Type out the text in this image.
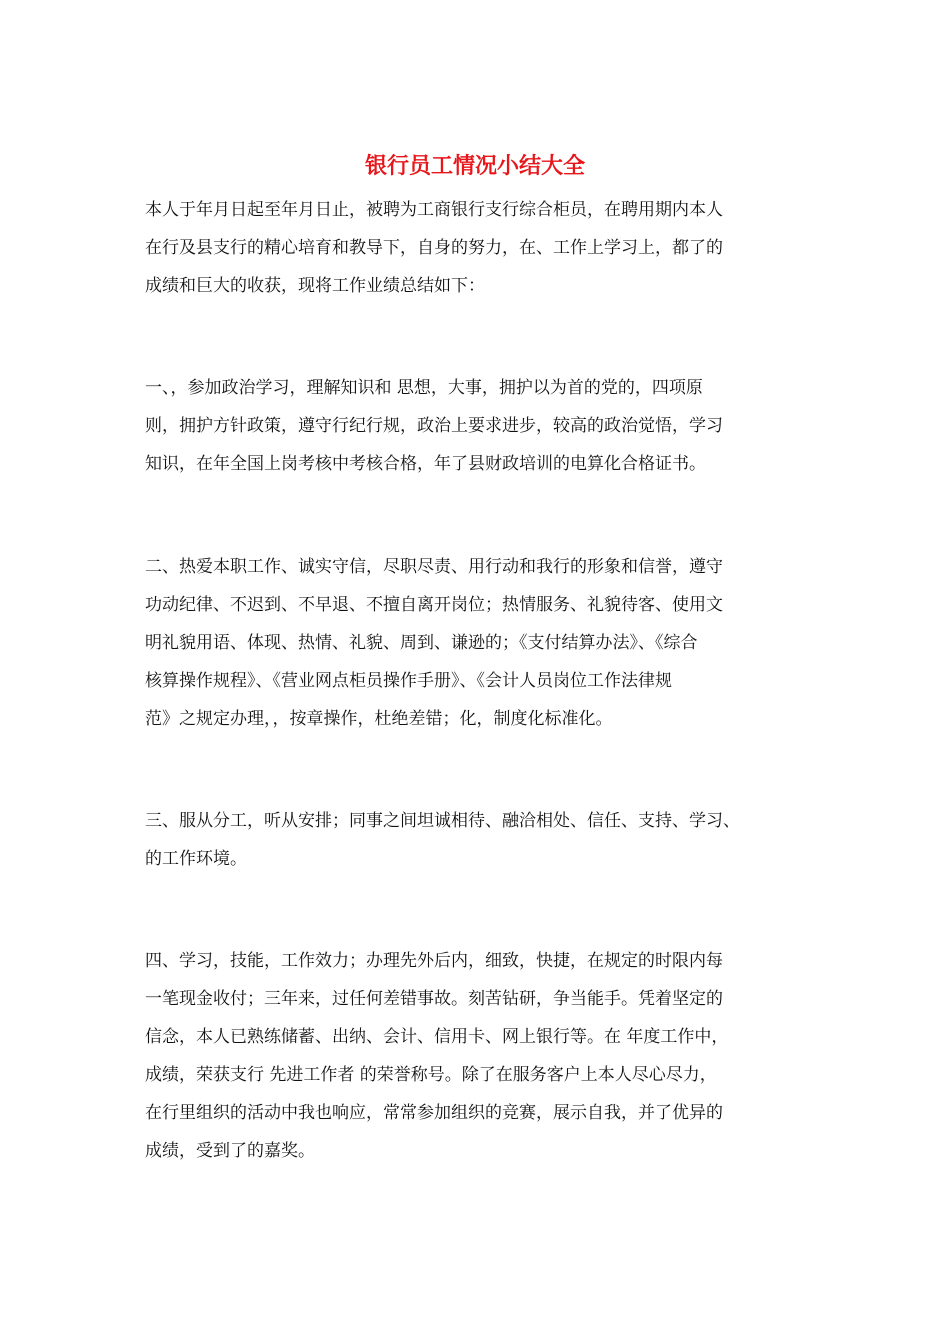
银行员工情况小结大全

本人于年月日起至年月日止，被聘为工商银行支行综合柜员，在聘用期内本人

在行及县支行的精心培育和教导下，自身的努力，在、工作上学习上，都了的

成绩和巨大的收获，现将工作业绩总结如下：

一、，参加政治学习，理解知识和 思想，大事，拥护以为首的党的，四项原

则，拥护方针政策，遵守行纪行规，政治上要求进步，较高的政治觉悟，学习

知识，在年全国上岗考核中考核合格，年了县财政培训的电算化合格证书。

二、热爱本职工作、诚实守信，尽职尽责、用行动和我行的形象和信誉，遵守

功动纪律、不迟到、不早退、不擅自离开岗位；热情服务、礼貌待客、使用文

明礼貌用语、体现、热情、礼貌、周到、谦逊的；《支付结算办法》、《综合

核算操作规程》、《营业网点柜员操作手册》、《会计人员岗位工作法律规

范》之规定办理，，按章操作，杜绝差错；化，制度化标准化。

三、服从分工，听从安排；同事之间坦诚相待、融洽相处、信任、支持、学习、

的工作环境。

四、学习，技能，工作效力；办理先外后内，细致，快捷，在规定的时限内每

一笔现金收付；三年来，过任何差错事故。刻苦钻研，争当能手。凭着坚定的

信念，本人已熟练储蓄、出纳、会计、信用卡、网上银行等。在 年度工作中，

成绩，荣获支行 先进工作者 的荣誉称号。除了在服务客户上本人尽心尽力，

在行里组织的活动中我也响应，常常参加组织的竞赛，展示自我，并了优异的

成绩，受到了的嘉奖。
